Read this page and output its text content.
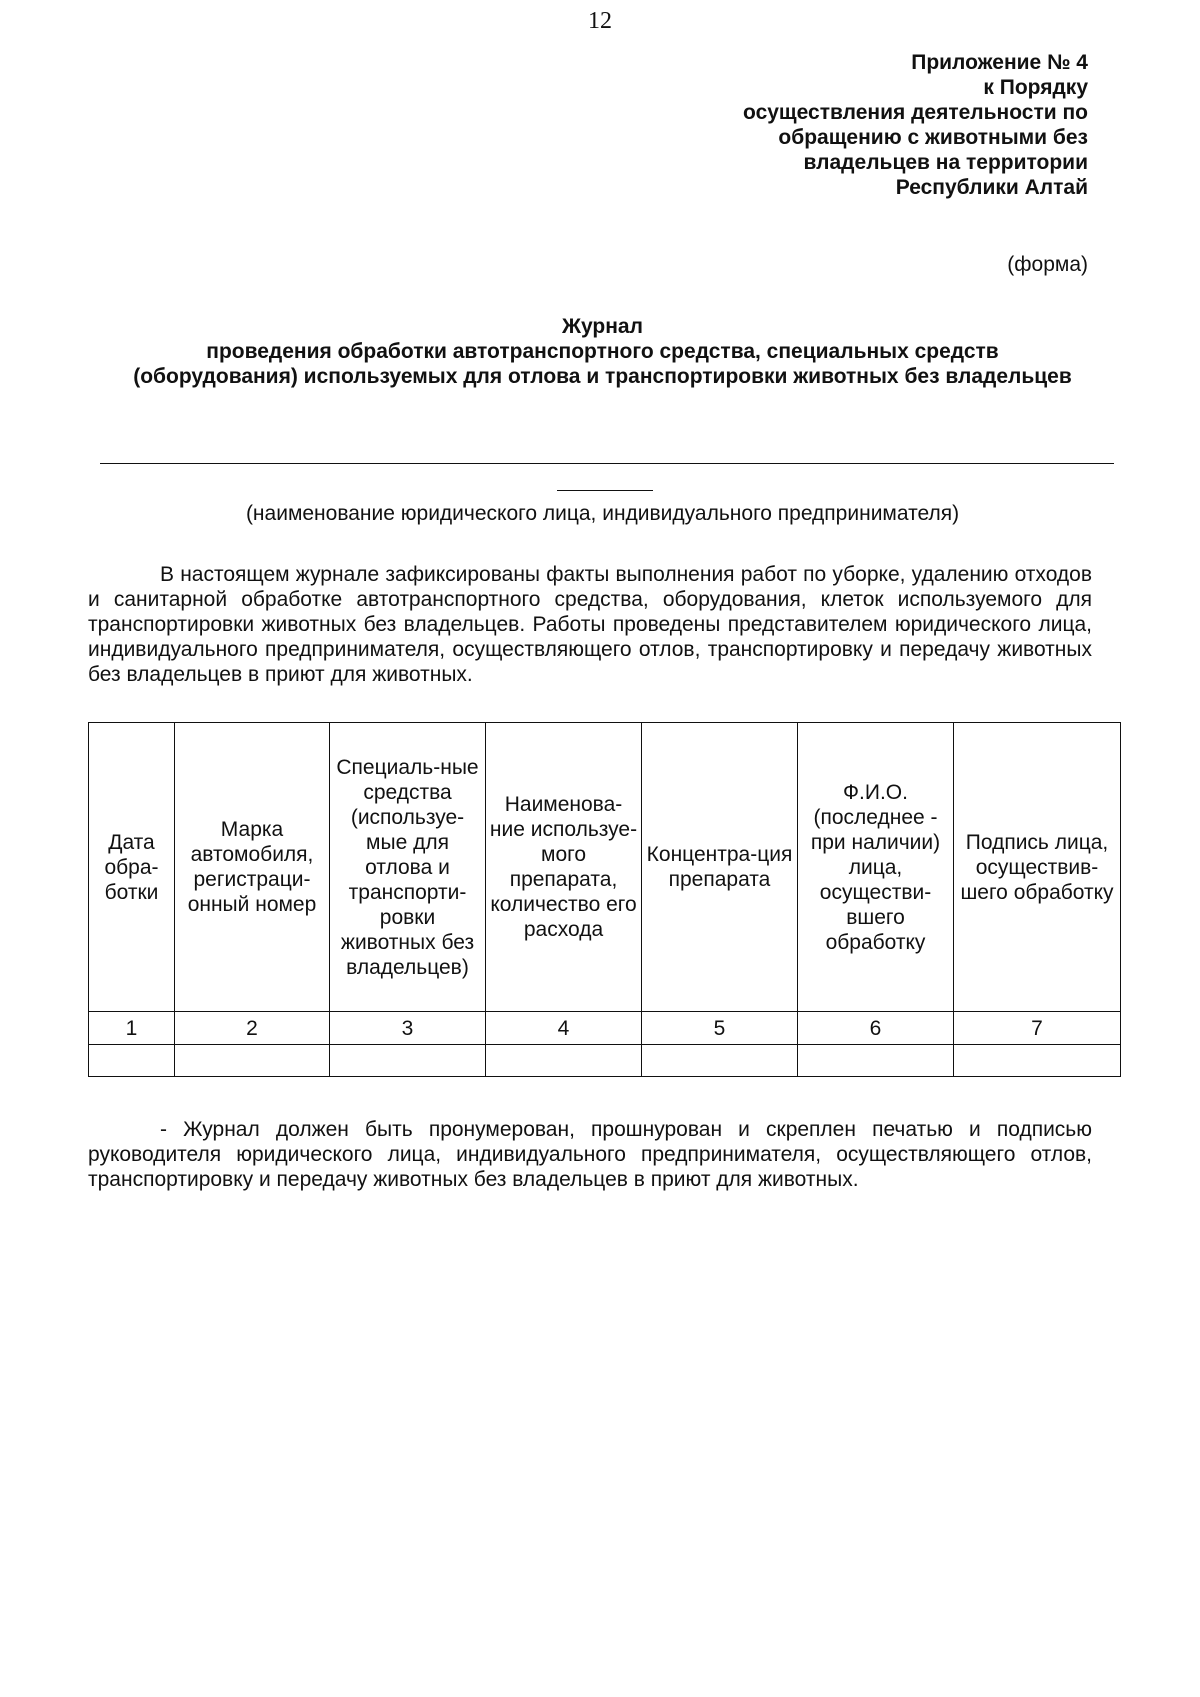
12
Приложение № 4
к Порядку
осуществления деятельности по
обращению с животными без
владельцев на территории
Республики Алтай
(форма)
Журнал
проведения обработки автотранспортного средства, специальных средств
(оборудования) используемых для отлова и транспортировки животных без владельцев
(наименование юридического лица, индивидуального предпринимателя)
В настоящем журнале зафиксированы факты выполнения работ по уборке, удалению отходов и санитарной обработке автотранспортного средства, оборудования, клеток используемого для транспортировки животных без владельцев. Работы проведены представителем юридического лица, индивидуального предпринимателя, осуществляющего отлов, транспортировку и передачу животных без владельцев в приют для животных.
Дата обра-ботки	Марка автомобиля, регистраци-онный номер	Специаль-ные средства (используе-мые для отлова и транспорти-ровки животных без владельцев)	Наименова-ние используе-мого препарата, количество его расхода	Концентра-ция препарата	Ф.И.О. (последнее - при наличии) лица, осуществи-вшего обработку	Подпись лица, осуществив-шего обработку
1	2	3	4	5	6	7

- Журнал должен быть пронумерован, прошнурован и скреплен печатью и подписью руководителя юридического лица, индивидуального предпринимателя, осуществляющего отлов, транспортировку и передачу животных без владельцев в приют для животных.
